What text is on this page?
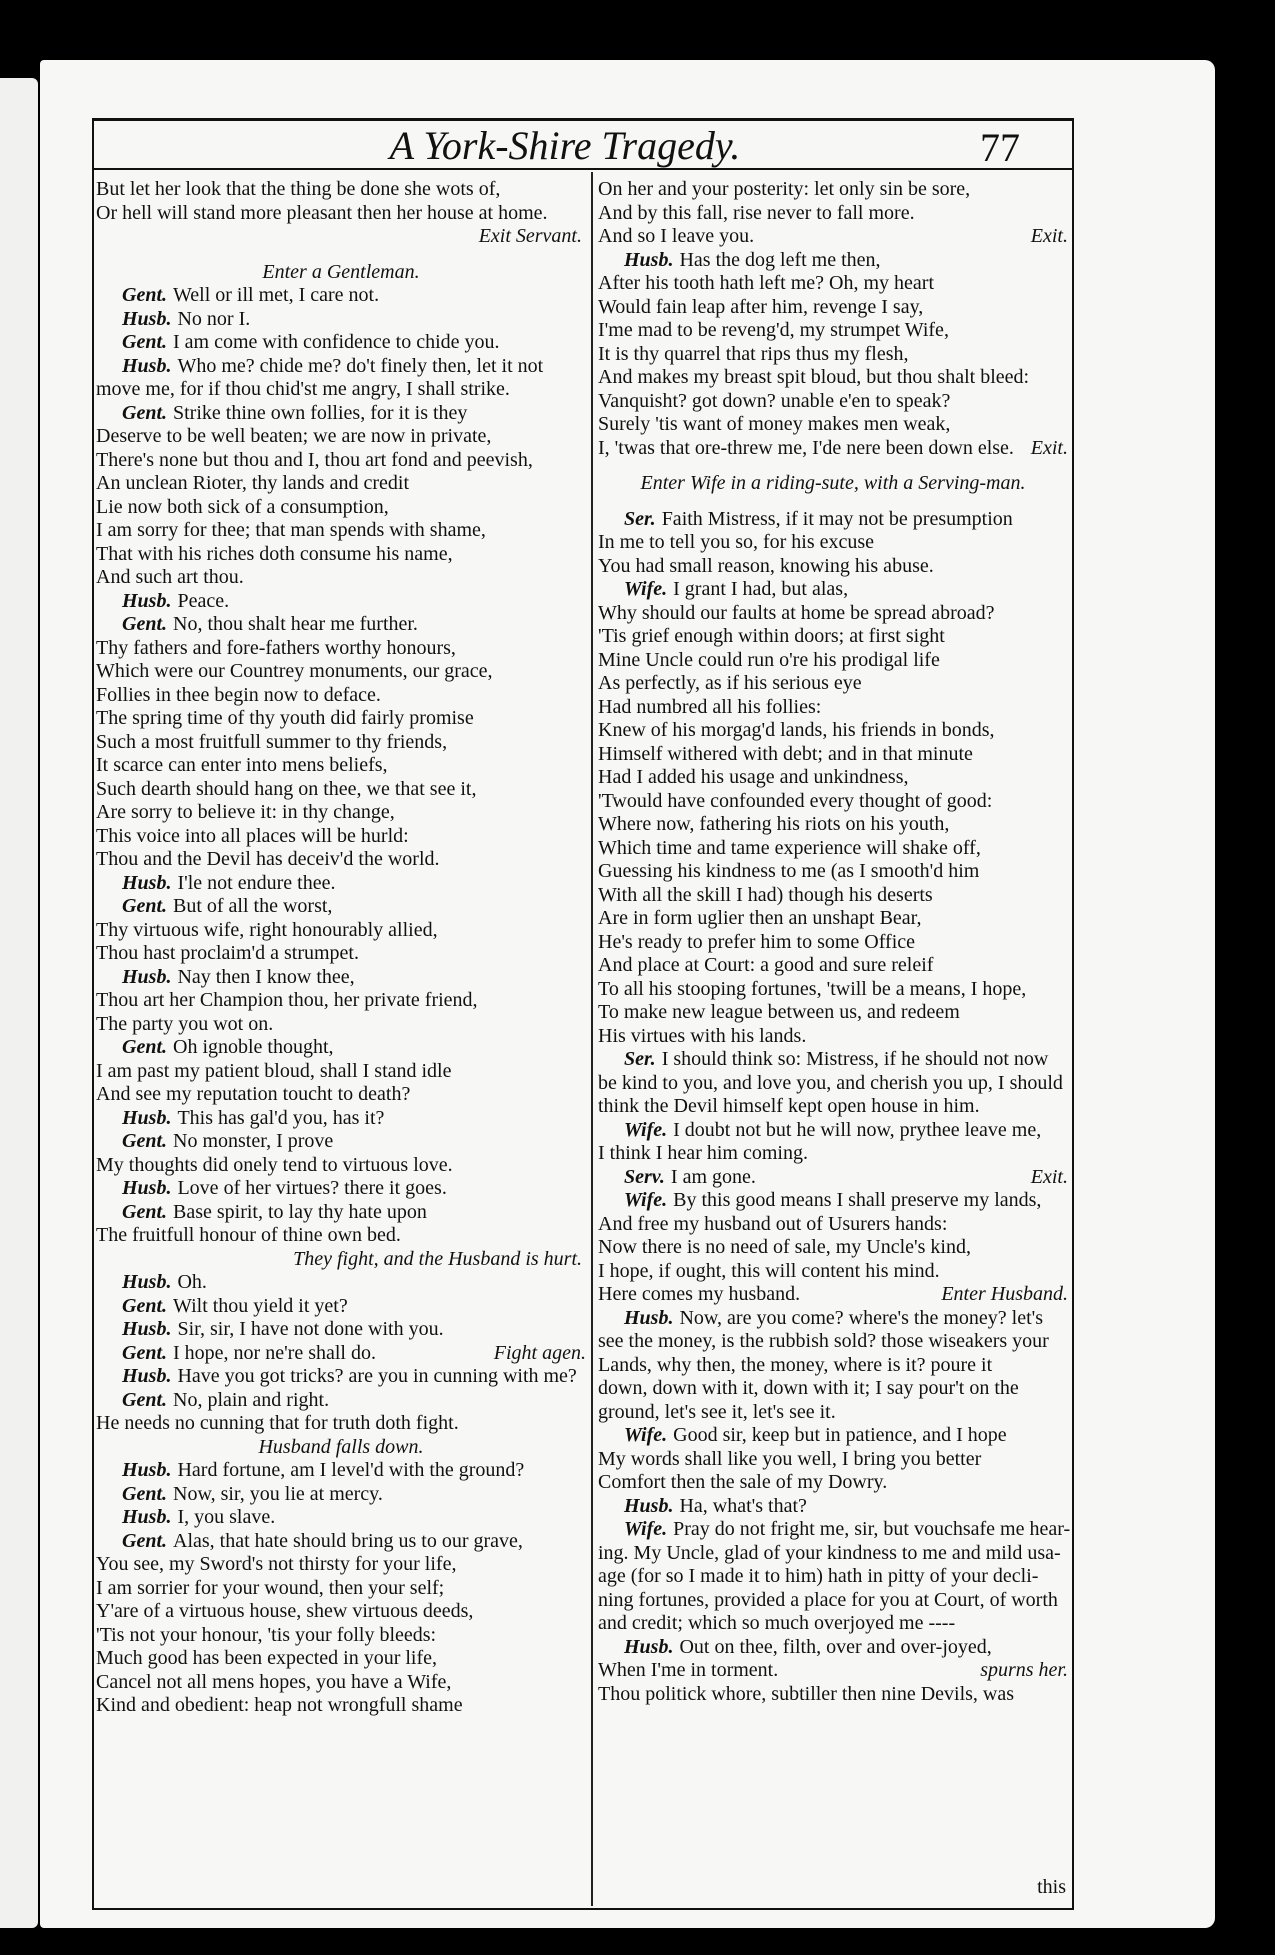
A York-Shire Tragedy.	77
But let her look that the thing be done she wots of,
Or hell will stand more pleasant then her house at home.
Exit Servant.
Enter a Gentleman.
Gent. Well or ill met, I care not.
Husb. No nor I.
Gent. I am come with confidence to chide you.
Husb. Who me? chide me? do't finely then, let it not
move me, for if thou chid'st me angry, I shall strike.
Gent. Strike thine own follies, for it is they
Deserve to be well beaten; we are now in private,
There's none but thou and I, thou art fond and peevish,
An unclean Rioter, thy lands and credit
Lie now both sick of a consumption,
I am sorry for thee; that man spends with shame,
That with his riches doth consume his name,
And such art thou.
Husb. Peace.
Gent. No, thou shalt hear me further.
Thy fathers and fore-fathers worthy honours,
Which were our Countrey monuments, our grace,
Follies in thee begin now to deface.
The spring time of thy youth did fairly promise
Such a most fruitfull summer to thy friends,
It scarce can enter into mens beliefs,
Such dearth should hang on thee, we that see it,
Are sorry to believe it: in thy change,
This voice into all places will be hurld:
Thou and the Devil has deceiv'd the world.
Husb. I'le not endure thee.
Gent. But of all the worst,
Thy virtuous wife, right honourably allied,
Thou hast proclaim'd a strumpet.
Husb. Nay then I know thee,
Thou art her Champion thou, her private friend,
The party you wot on.
Gent. Oh ignoble thought,
I am past my patient bloud, shall I stand idle
And see my reputation toucht to death?
Husb. This has gal'd you, has it?
Gent. No monster, I prove
My thoughts did onely tend to virtuous love.
Husb. Love of her virtues? there it goes.
Gent. Base spirit, to lay thy hate upon
The fruitfull honour of thine own bed.
They fight, and the Husband is hurt.
Husb. Oh.
Gent. Wilt thou yield it yet?
Husb. Sir, sir, I have not done with you.
Gent. I hope, nor ne're shall do.	Fight agen.
Husb. Have you got tricks? are you in cunning with me?
Gent. No, plain and right.
He needs no cunning that for truth doth fight.
Husband falls down.
Husb. Hard fortune, am I level'd with the ground?
Gent. Now, sir, you lie at mercy.
Husb. I, you slave.
Gent. Alas, that hate should bring us to our grave,
You see, my Sword's not thirsty for your life,
I am sorrier for your wound, then your self;
Y'are of a virtuous house, shew virtuous deeds,
'Tis not your honour, 'tis your folly bleeds:
Much good has been expected in your life,
Cancel not all mens hopes, you have a Wife,
Kind and obedient: heap not wrongfull shame
On her and your posterity: let only sin be sore,
And by this fall, rise never to fall more.
And so I leave you.	Exit.
Husb. Has the dog left me then,
After his tooth hath left me? Oh, my heart
Would fain leap after him, revenge I say,
I'me mad to be reveng'd, my strumpet Wife,
It is thy quarrel that rips thus my flesh,
And makes my breast spit bloud, but thou shalt bleed:
Vanquisht? got down? unable e'en to speak?
Surely 'tis want of money makes men weak,
I, 'twas that ore-threw me, I'de nere been down else. Exit.
Enter Wife in a riding-sute, with a Serving-man.
Ser. Faith Mistress, if it may not be presumption
In me to tell you so, for his excuse
You had small reason, knowing his abuse.
Wife. I grant I had, but alas,
Why should our faults at home be spread abroad?
'Tis grief enough within doors; at first sight
Mine Uncle could run o're his prodigal life
As perfectly, as if his serious eye
Had numbred all his follies:
Knew of his morgag'd lands, his friends in bonds,
Himself withered with debt; and in that minute
Had I added his usage and unkindness,
'Twould have confounded every thought of good:
Where now, fathering his riots on his youth,
Which time and tame experience will shake off,
Guessing his kindness to me (as I smooth'd him
With all the skill I had) though his deserts
Are in form uglier then an unshapt Bear,
He's ready to prefer him to some Office
And place at Court: a good and sure releif
To all his stooping fortunes, 'twill be a means, I hope,
To make new league between us, and redeem
His virtues with his lands.
Ser. I should think so: Mistress, if he should not now
be kind to you, and love you, and cherish you up, I should
think the Devil himself kept open house in him.
Wife. I doubt not but he will now, prythee leave me,
I think I hear him coming.
Serv. I am gone.	Exit.
Wife. By this good means I shall preserve my lands,
And free my husband out of Usurers hands:
Now there is no need of sale, my Uncle's kind,
I hope, if ought, this will content his mind.
Here comes my husband.	Enter Husband.
Husb. Now, are you come? where's the money? let's
see the money, is the rubbish sold? those wiseakers your
Lands, why then, the money, where is it? poure it
down, down with it, down with it; I say pour't on the
ground, let's see it, let's see it.
Wife. Good sir, keep but in patience, and I hope
My words shall like you well, I bring you better
Comfort then the sale of my Dowry.
Husb. Ha, what's that?
Wife. Pray do not fright me, sir, but vouchsafe me hear-
ing. My Uncle, glad of your kindness to me and mild usa-
age (for so I made it to him) hath in pitty of your decli-
ning fortunes, provided a place for you at Court, of worth
and credit; which so much overjoyed me ----
Husb. Out on thee, filth, over and over-joyed,
When I'me in torment.	spurns her.
Thou politick whore, subtiller then nine Devils, was
this
